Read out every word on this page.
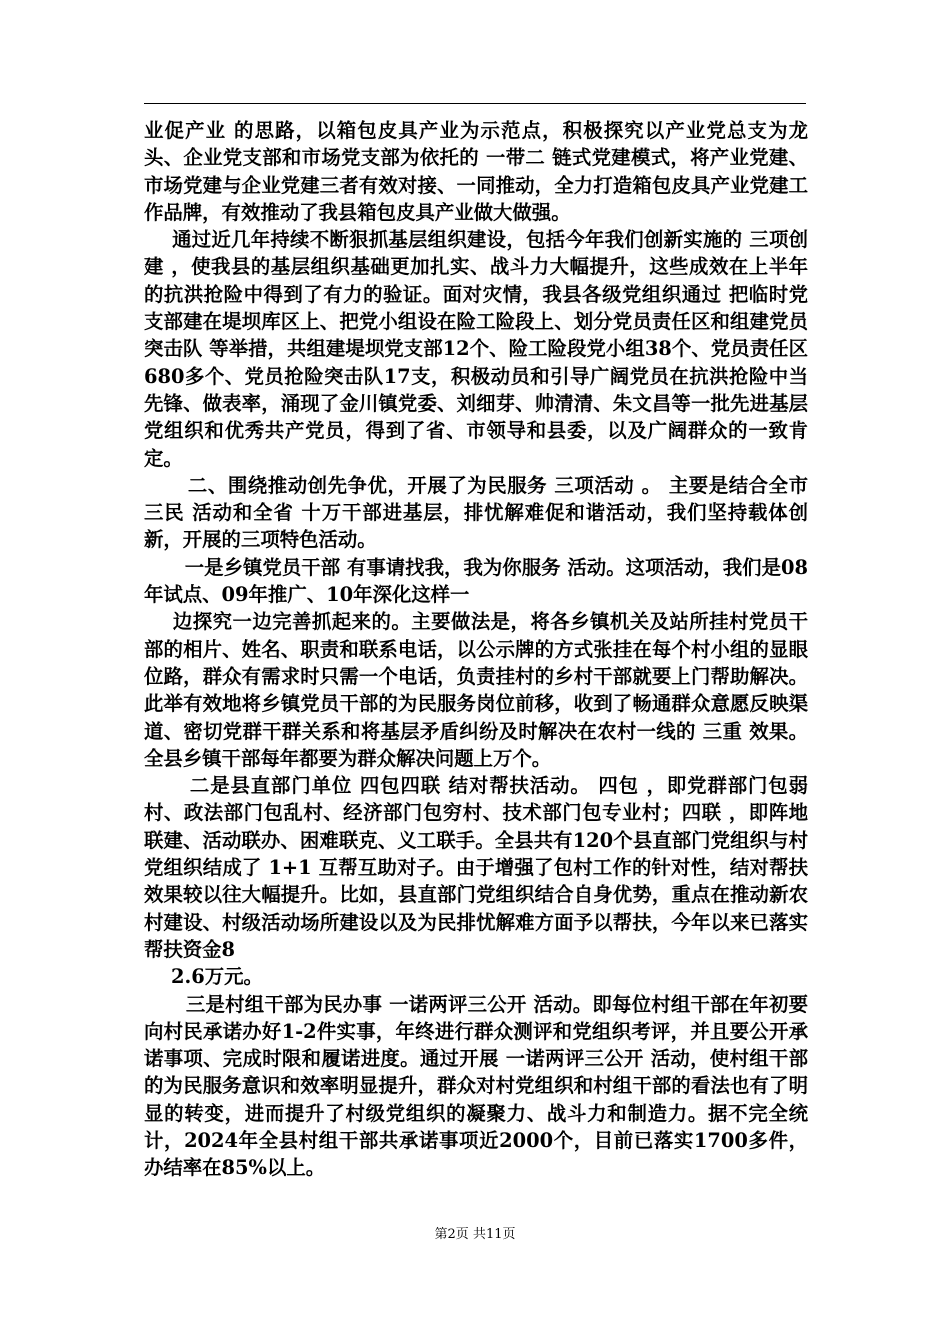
业促产业 的思路，以箱包皮具产业为示范点，积极探究以产业党总支为龙头、企业党支部和市场党支部为依托的 一带二 链式党建模式，将产业党建、市场党建与企业党建三者有效对接、一同推动，全力打造箱包皮具产业党建工作品牌，有效推动了我县箱包皮具产业做大做强。

通过近几年持续不断狠抓基层组织建设，包括今年我们创新实施的 三项创建 ，使我县的基层组织基础更加扎实、战斗力大幅提升，这些成效在上半年的抗洪抢险中得到了有力的验证。面对灾情，我县各级党组织通过 把临时党支部建在堤坝库区上、把党小组设在险工险段上、划分党员责任区和组建党员突击队 等举措，共组建堤坝党支部12个、险工险段党小组38个、党员责任区680多个、党员抢险突击队17支，积极动员和引导广阔党员在抗洪抢险中当先锋、做表率，涌现了金川镇党委、刘细芽、帅清清、朱文昌等一批先进基层党组织和优秀共产党员，得到了省、市领导和县委，以及广阔群众的一致肯定。

二、围绕推动创先争优，开展了为民服务 三项活动 。 主要是结合全市 三民 活动和全省 十万干部进基层，排忧解难促和谐活动，我们坚持载体创新，开展的三项特色活动。

一是乡镇党员干部 有事请找我，我为你服务 活动。这项活动，我们是08年试点、09年推广、10年深化这样一

边探究一边完善抓起来的。主要做法是，将各乡镇机关及站所挂村党员干部的相片、姓名、职责和联系电话，以公示牌的方式张挂在每个村小组的显眼位路，群众有需求时只需一个电话，负责挂村的乡村干部就要上门帮助解决。此举有效地将乡镇党员干部的为民服务岗位前移，收到了畅通群众意愿反映渠道、密切党群干群关系和将基层矛盾纠纷及时解决在农村一线的 三重 效果。全县乡镇干部每年都要为群众解决问题上万个。

二是县直部门单位 四包四联 结对帮扶活动。 四包 ，即党群部门包弱村、政法部门包乱村、经济部门包穷村、技术部门包专业村；四联 ，即阵地联建、活动联办、困难联克、义工联手。全县共有120个县直部门党组织与村党组织结成了 1+1 互帮互助对子。由于增强了包村工作的针对性，结对帮扶效果较以往大幅提升。比如，县直部门党组织结合自身优势，重点在推动新农村建设、村级活动场所建设以及为民排忧解难方面予以帮扶，今年以来已落实帮扶资金8

2.6万元。

三是村组干部为民办事 一诺两评三公开 活动。即每位村组干部在年初要向村民承诺办好1-2件实事，年终进行群众测评和党组织考评，并且要公开承诺事项、完成时限和履诺进度。通过开展 一诺两评三公开 活动，使村组干部的为民服务意识和效率明显提升，群众对村党组织和村组干部的看法也有了明显的转变，进而提升了村级党组织的凝聚力、战斗力和制造力。据不完全统计，2024年全县村组干部共承诺事项近2000个，目前已落实1700多件，办结率在85%以上。

第2页 共11页
